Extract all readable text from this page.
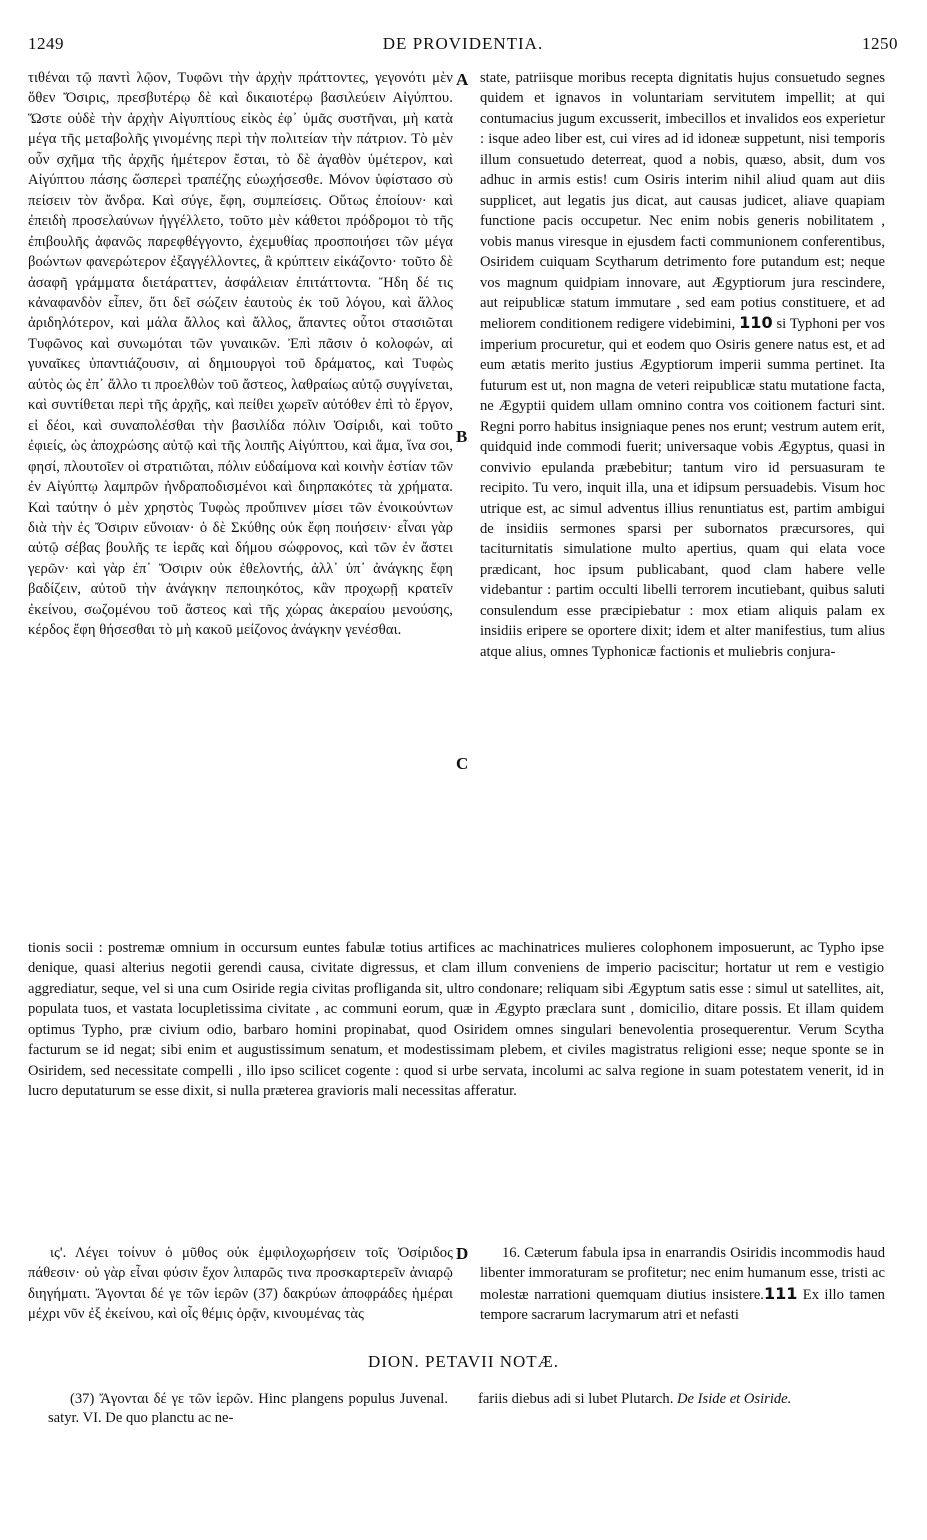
1249	DE PROVIDENTIA.	1250
A
B
C
D

τιθέναι τῷ παντὶ λῷον, Τυφῶνι τὴν ἀρχὴν πράττοντες, γεγονότι μὲν ὅθεν Ὄσιρις, πρεσβυτέρῳ δὲ καὶ δικαιοτέρῳ βασιλεύειν Αἰγύπτου. Ὥστε οὐδὲ τὴν ἀρχὴν Αἰγυπτίους εἰκὸς ἐφ᾽ ὑμᾶς συστῆναι, μὴ κατὰ μέγα τῆς μεταβολῆς γινομένης περὶ τὴν πολιτείαν τὴν πάτριον. Τὸ μὲν οὖν σχῆμα τῆς ἀρχῆς ἡμέτερον ἔσται, τὸ δὲ ἀγαθὸν ὑμέτερον, καὶ Αἰγύπτου πάσης ὥσπερεὶ τραπέζης εὐωχήσεσθε. Μόνον ὑφίστασο σὺ πείσειν τὸν ἄνδρα. Καὶ σύγε, ἔφη, συμπείσεις. Οὕτως ἐποίουν· καὶ ἐπειδὴ προσελαύνων ἠγγέλλετο, τοῦτο μὲν κάθετοι πρόδρομοι τὸ τῆς ἐπιβουλῆς ἀφανῶς παρεφθέγγοντο, ἐχεμυθίας προσποιήσει τῶν μέγα βοώντων φανερώτερον ἐξαγγέλλοντες, ἃ κρύπτειν εἰκάζοντο· τοῦτο δὲ ἀσαφῆ γράμματα διετάραττεν, ἀσφάλειαν ἐπιτάττοντα. Ἤδη δέ τις κἀναφανδὸν εἶπεν, ὅτι δεῖ σώζειν ἑαυτοὺς ἐκ τοῦ λόγου, καὶ ἄλλος ἀριδηλότερον, καὶ μάλα ἄλλος καὶ ἄλλος, ἅπαντες οὗτοι στασιῶται Τυφῶνος καὶ συνωμόται τῶν γυναικῶν. Ἐπὶ πᾶσιν ὁ κολοφών, αἱ γυναῖκες ὑπαντιάζουσιν, αἱ δημιουργοὶ τοῦ δράματος, καὶ Τυφὼς αὐτὸς ὡς ἐπ᾽ ἄλλο τι προελθὼν τοῦ ἄστεος, λαθραίως αὐτῷ συγγίνεται, καὶ συντίθεται περὶ τῆς ἀρχῆς, καὶ πείθει χωρεῖν αὐτόθεν ἐπὶ τὸ ἔργον, εἰ δέοι, καὶ συναπολέσθαι τὴν βασιλίδα πόλιν Ὀσίριδι, καὶ τοῦτο ἐφιείς, ὡς ἀποχρώσης αὐτῷ καὶ τῆς λοιπῆς Αἰγύπτου, καὶ ἅμα, ἵνα σοι, φησί, πλουτοῖεν οἱ στρατιῶται, πόλιν εὐδαίμονα καὶ κοινὴν ἑστίαν τῶν ἐν Αἰγύπτῳ λαμπρῶν ἠνδραποδισμένοι καὶ διηρπακότες τὰ χρήματα. Καὶ ταύτην ὁ μὲν χρηστὸς Τυφὼς προὔπινεν μίσει τῶν ἐνοικούντων διὰ τὴν ἐς Ὄσιριν εὔνοιαν· ὁ δὲ Σκύθης οὐκ ἔφη ποιήσειν· εἶναι γὰρ αὐτῷ σέβας βουλῆς τε ἱερᾶς καὶ δήμου σώφρονος, καὶ τῶν ἐν ἄστει γερῶν· καὶ γὰρ ἐπ᾽ Ὄσιριν οὐκ ἐθελοντής, ἀλλ᾽ ὑπ᾽ ἀνάγκης ἔφη βαδίζειν, αὐτοῦ τὴν ἀνάγκην πεποιηκότος, κἂν προχωρῇ κρατεῖν ἐκείνου, σωζομένου τοῦ ἄστεος καὶ τῆς χώρας ἀκεραίου μενούσης, κέρδος ἔφη θήσεσθαι τὸ μὴ κακοῦ μείζονος ἀνάγκην γενέσθαι.

state, patriisque moribus recepta dignitatis hujus consuetudo segnes quidem et ignavos in voluntariam servitutem impellit; at qui contumacius jugum excusserit, imbecillos et invalidos eos experietur : isque adeo liber est, cui vires ad id idoneæ suppetunt, nisi temporis illum consuetudo deterreat, quod a nobis, quæso, absit, dum vos adhuc in armis estis! cum Osiris interim nihil aliud quam aut diis supplicet, aut legatis jus dicat, aut causas judicet, aliave quapiam functione pacis occupetur. Nec enim nobis generis nobilitatem , vobis manus viresque in ejusdem facti communionem conferentibus, Osiridem cuiquam Scytharum detrimento fore putandum est; neque vos magnum quidpiam innovare, aut Ægyptiorum jura rescindere, aut reipublicæ statum immutare , sed eam potius constituere, et ad meliorem conditionem redigere videbimini, 110 si Typhoni per vos imperium procuretur, qui et eodem quo Osiris genere natus est, et ad eum ætatis merito justius Ægyptiorum imperii summa pertinet. Ita futurum est ut, non magna de veteri reipublicæ statu mutatione facta, ne Ægyptii quidem ullam omnino contra vos coitionem facturi sint. Regni porro habitus insigniaque penes nos erunt; vestrum autem erit, quidquid inde commodi fuerit; universaque vobis Ægyptus, quasi in convivio epulanda præbebitur; tantum viro id persuasuram te recipito. Tu vero, inquit illa, una et idipsum persuadebis. Visum hoc utrique est, ac simul adventus illius renuntiatus est, partim ambigui de insidiis sermones sparsi per subornatos præcursores, qui taciturnitatis simulatione multo apertius, quam qui elata voce prædicant, hoc ipsum publicabant, quod clam habere velle videbantur : partim occulti libelli terrorem incutiebant, quibus saluti consulendum esse præcipiebatur : mox etiam aliquis palam ex insidiis eripere se oportere dixit; idem et alter manifestius, tum alius atque alius, omnes Typhonicæ factionis et muliebris conjura-

tionis socii : postremæ omnium in occursum euntes fabulæ totius artifices ac machinatrices mulieres colophonem imposuerunt, ac Typho ipse denique, quasi alterius negotii gerendi causa, civitate digressus, et clam illum conveniens de imperio paciscitur; hortatur ut rem e vestigio aggrediatur, seque, vel si una cum Osiride regia civitas profliganda sit, ultro condonare; reliquam sibi Ægyptum satis esse : simul ut satellites, ait, populata tuos, et vastata locupletissima civitate , ac communi eorum, quæ in Ægypto præclara sunt , domicilio, ditare possis. Et illam quidem optimus Typho, præ civium odio, barbaro homini propinabat, quod Osiridem omnes singulari benevolentia prosequerentur. Verum Scytha facturum se id negat; sibi enim et augustissimum senatum, et modestissimam plebem, et civiles magistratus religioni esse; neque sponte se in Osiridem, sed necessitate compelli , illo ipso scilicet cogente : quod si urbe servata, incolumi ac salva regione in suam potestatem venerit, id in lucro deputaturum se esse dixit, si nulla præterea gravioris mali necessitas afferatur.

ις'. Λέγει τοίνυν ὁ μῦθος οὐκ ἐμφιλοχωρήσειν τοῖς Ὀσίριδος πάθεσιν· οὐ γὰρ εἶναι φύσιν ἔχον λιπαρῶς τινα προσκαρτερεῖν ἀνιαρῷ διηγήματι. Ἄγονται δέ γε τῶν ἱερῶν (37) δακρύων ἀποφράδες ἡμέραι μέχρι νῦν ἐξ ἐκείνου, καὶ οἷς θέμις ὁρᾷν, κινουμένας τὰς

16. Cæterum fabula ipsa in enarrandis Osiridis incommodis haud libenter immoraturam se profitetur; nec enim humanum esse, tristi ac molestæ narrationi quemquam diutius insistere.111 Ex illo tamen tempore sacrarum lacrymarum atri et nefasti

DION. PETAVII NOTÆ.

(37) Ἄγονται δέ γε τῶν ἱερῶν. Hinc plangens populus Juvenal. satyr. VI. De quo planctu ac ne-

fariis diebus adi si lubet Plutarch. De Iside et Osiride.
